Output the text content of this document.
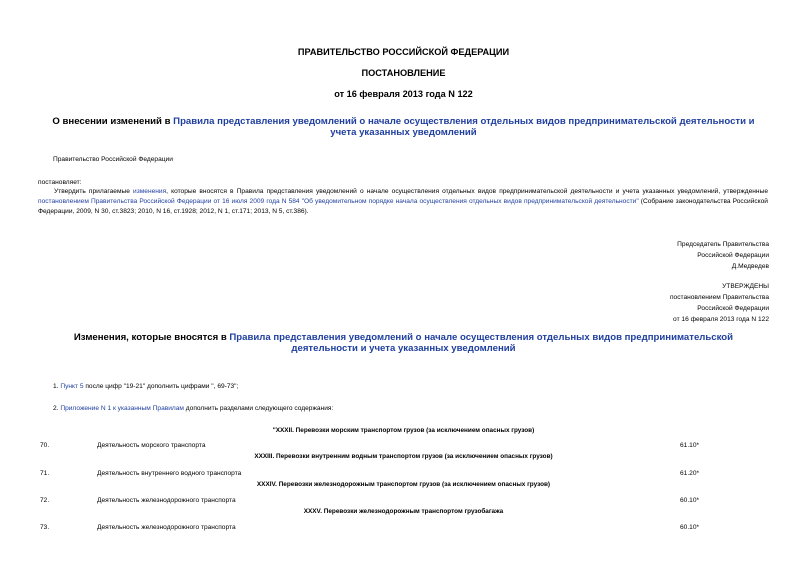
ПРАВИТЕЛЬСТВО РОССИЙСКОЙ ФЕДЕРАЦИИ
ПОСТАНОВЛЕНИЕ
от 16 февраля 2013 года N 122
О внесении изменений в Правила представления уведомлений о начале осуществления отдельных видов предпринимательской деятельности и учета указанных уведомлений
Правительство Российской Федерации
постановляет:
Утвердить прилагаемые изменения, которые вносятся в Правила представления уведомлений о начале осуществления отдельных видов предпринимательской деятельности и учета указанных уведомлений, утвержденные постановлением Правительства Российской Федерации от 16 июля 2009 года N 584 "Об уведомительном порядке начала осуществления отдельных видов предпринимательской деятельности" (Собрание законодательства Российской Федерации, 2009, N 30, ст.3823; 2010, N 16, ст.1928; 2012, N 1, ст.171; 2013, N 5, ст.386).
Председатель Правительства
Российской Федерации
Д.Медведев
УТВЕРЖДЕНЫ
постановлением Правительства
Российской Федерации
от 16 февраля 2013 года N 122
Изменения, которые вносятся в Правила представления уведомлений о начале осуществления отдельных видов предпринимательской деятельности и учета указанных уведомлений
1. Пункт 5 после цифр "19-21" дополнить цифрами ", 69-73";
2. Приложение N 1 к указанным Правилам дополнить разделами следующего содержания:
"XXXII. Перевозки морским транспортом грузов (за исключением опасных грузов)
70.	Деятельность морского транспорта	61.10*
XXXIII. Перевозки внутренним водным транспортом грузов (за исключением опасных грузов)
71.	Деятельность внутреннего водного транспорта	61.20*
XXXIV. Перевозки железнодорожным транспортом грузов (за исключением опасных грузов)
72.	Деятельность железнодорожного транспорта	60.10*
XXXV. Перевозки железнодорожным транспортом грузобагажа
73.	Деятельность железнодорожного транспорта	60.10*
